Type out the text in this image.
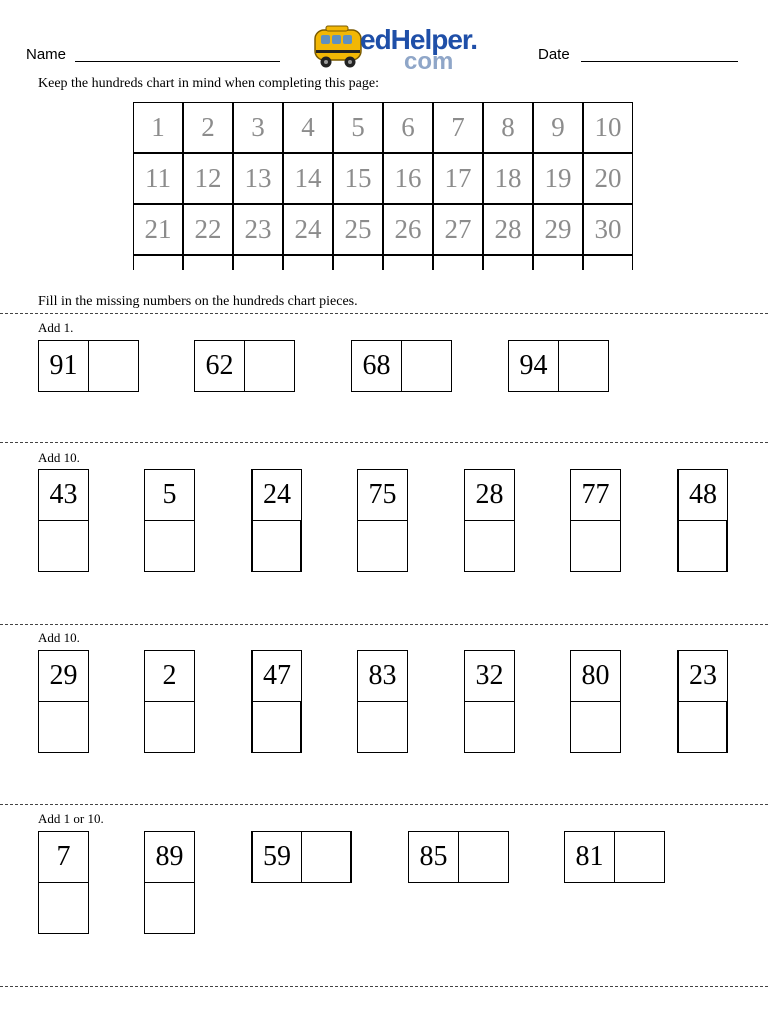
Name	edHelper.
com	Date
Keep the hundreds chart in mind when completing this page:
1	2	3	4	5	6	7	8	9	10
11 12 13 14 15 16 17 18 19 20
21 22 23 24 25 26 27 28 29 30
Fill in the missing numbers on the hundreds chart pieces.
Add 1.
Add 10.
Add 10.
Add 1 or 10.
91	62	68	94
43	5	24	75	28	77	48
29	2	47	83	32	80	23
7	89	59	85	81
